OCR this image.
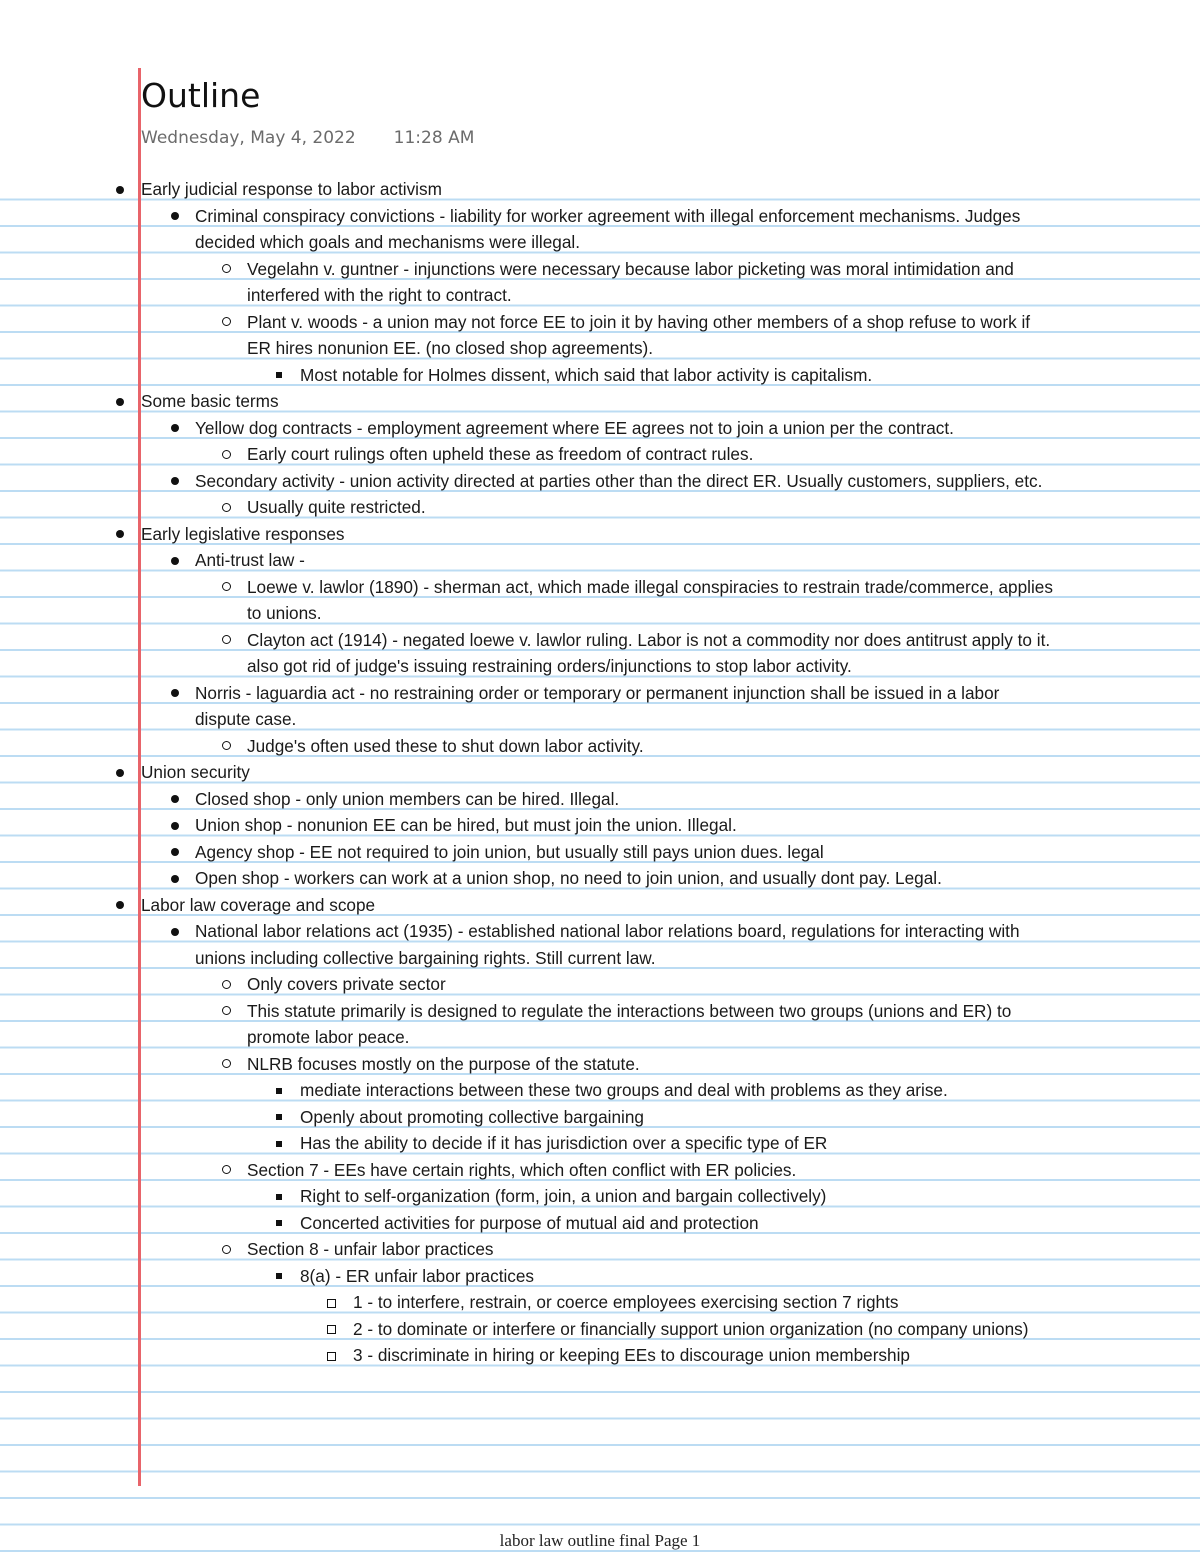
Outline
Wednesday, May 4, 2022 11:28 AM
Early judicial response to labor activism
Criminal conspiracy convictions - liability for worker agreement with illegal enforcement mechanisms. Judges decided which goals and mechanisms were illegal.
Vegelahn v. guntner - injunctions were necessary because labor picketing was moral intimidation and interfered with the right to contract.
Plant v. woods - a union may not force EE to join it by having other members of a shop refuse to work if ER hires nonunion EE. (no closed shop agreements).
Most notable for Holmes dissent, which said that labor activity is capitalism.
Some basic terms
Yellow dog contracts - employment agreement where EE agrees not to join a union per the contract.
Early court rulings often upheld these as freedom of contract rules.
Secondary activity - union activity directed at parties other than the direct ER. Usually customers, suppliers, etc.
Usually quite restricted.
Early legislative responses
Anti-trust law -
Loewe v. lawlor (1890) - sherman act, which made illegal conspiracies to restrain trade/commerce, applies to unions.
Clayton act (1914) - negated loewe v. lawlor ruling. Labor is not a commodity nor does antitrust apply to it. also got rid of judge's issuing restraining orders/injunctions to stop labor activity.
Norris - laguardia act - no restraining order or temporary or permanent injunction shall be issued in a labor dispute case.
Judge's often used these to shut down labor activity.
Union security
Closed shop - only union members can be hired. Illegal.
Union shop - nonunion EE can be hired, but must join the union. Illegal.
Agency shop - EE not required to join union, but usually still pays union dues. legal
Open shop - workers can work at a union shop, no need to join union, and usually dont pay. Legal.
Labor law coverage and scope
National labor relations act (1935) - established national labor relations board, regulations for interacting with unions including collective bargaining rights. Still current law.
Only covers private sector
This statute primarily is designed to regulate the interactions between two groups (unions and ER) to promote labor peace.
NLRB focuses mostly on the purpose of the statute.
mediate interactions between these two groups and deal with problems as they arise.
Openly about promoting collective bargaining
Has the ability to decide if it has jurisdiction over a specific type of ER
Section 7 - EEs have certain rights, which often conflict with ER policies.
Right to self-organization (form, join, a union and bargain collectively)
Concerted activities for purpose of mutual aid and protection
Section 8 - unfair labor practices
8(a) - ER unfair labor practices
1 - to interfere, restrain, or coerce employees exercising section 7 rights
2 - to dominate or interfere or financially support union organization (no company unions)
3 - discriminate in hiring or keeping EEs to discourage union membership
labor law outline final Page 1
